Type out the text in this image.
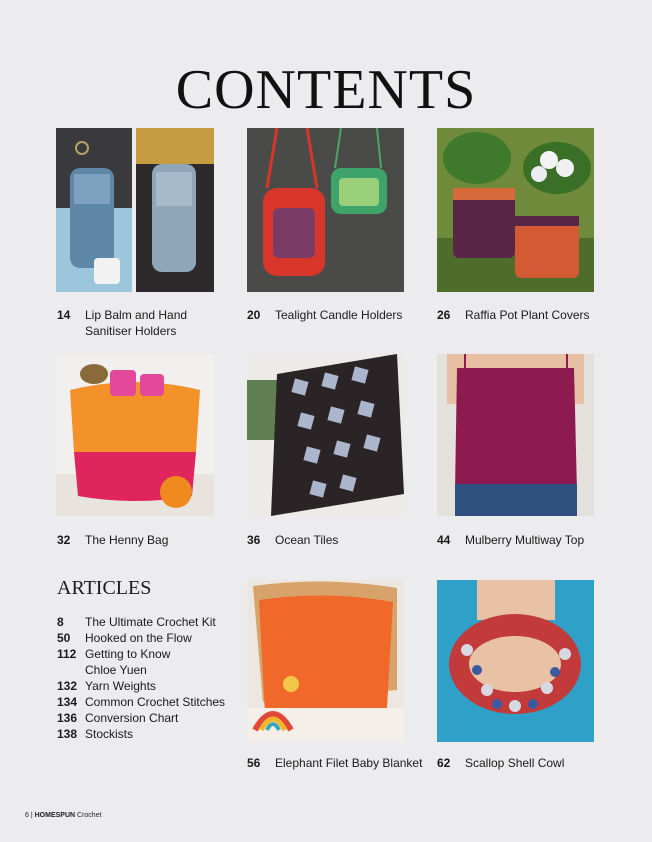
CONTENTS
14	Lip Balm and Hand
Sanitiser Holders
20	Tealight Candle Holders	26	Raffia Pot Plant Covers
32	The Henny Bag	36	Ocean Tiles	44	Mulberry Multiway Top
ARTICLES
8	The Ultimate Crochet Kit
50	Hooked on the Flow
112 Getting to Know
Chloe Yuen
132 Yarn Weights
134 Common Crochet Stitches
136 Conversion Chart
138 Stockists
56	Elephant Filet Baby Blanket 62	Scallop Shell Cowl
6 | HOMESPUN Crochet
